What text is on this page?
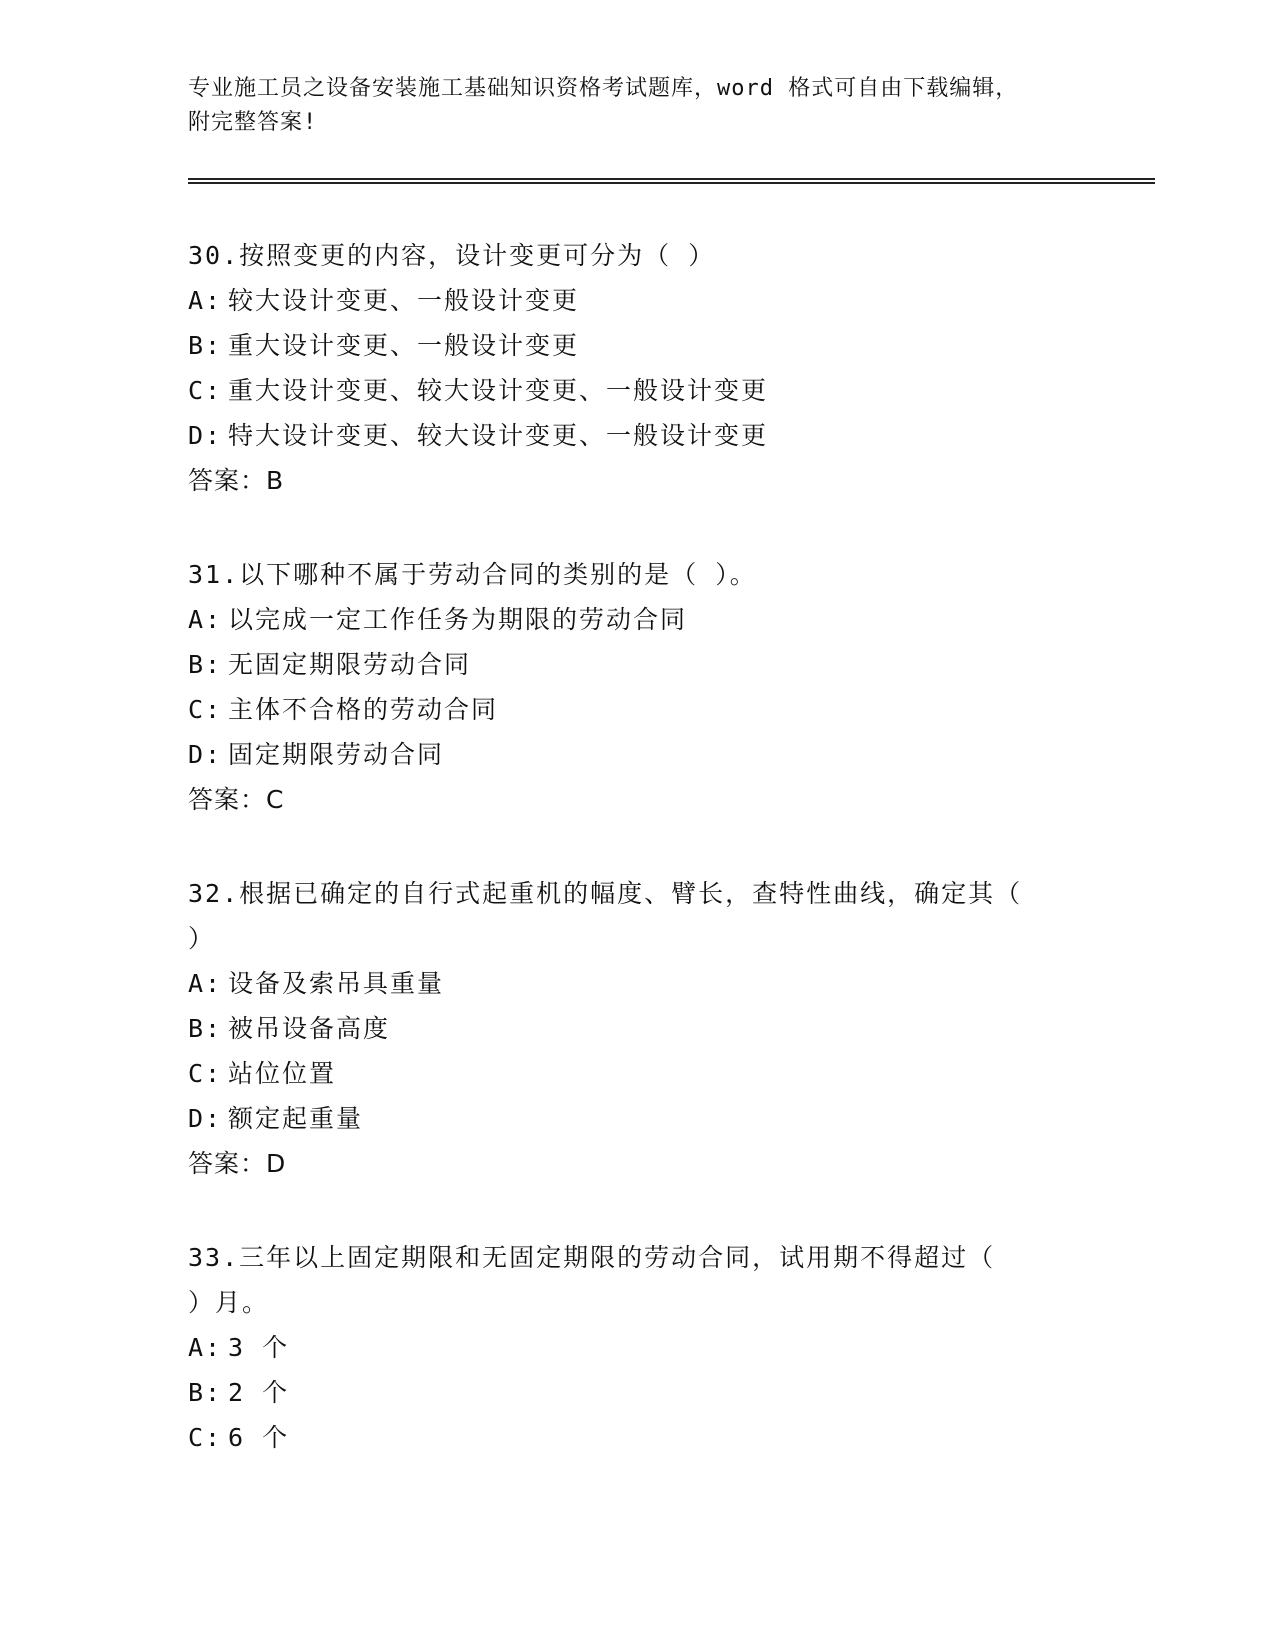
专业施工员之设备安装施工基础知识资格考试题库，word 格式可自由下载编辑，
附完整答案!
30.按照变更的内容，设计变更可分为（ ）
A: 较大设计变更、一般设计变更
B: 重大设计变更、一般设计变更
C: 重大设计变更、较大设计变更、一般设计变更
D: 特大设计变更、较大设计变更、一般设计变更
答案：B
31.以下哪种不属于劳动合同的类别的是（ ）。
A: 以完成一定工作任务为期限的劳动合同
B: 无固定期限劳动合同
C: 主体不合格的劳动合同
D: 固定期限劳动合同
答案：C
32.根据已确定的自行式起重机的幅度、臂长，查特性曲线，确定其（
）
A: 设备及索吊具重量
B: 被吊设备高度
C: 站位位置
D: 额定起重量
答案：D
33.三年以上固定期限和无固定期限的劳动合同，试用期不得超过（
）月。
A: 3 个
B: 2 个
C: 6 个
